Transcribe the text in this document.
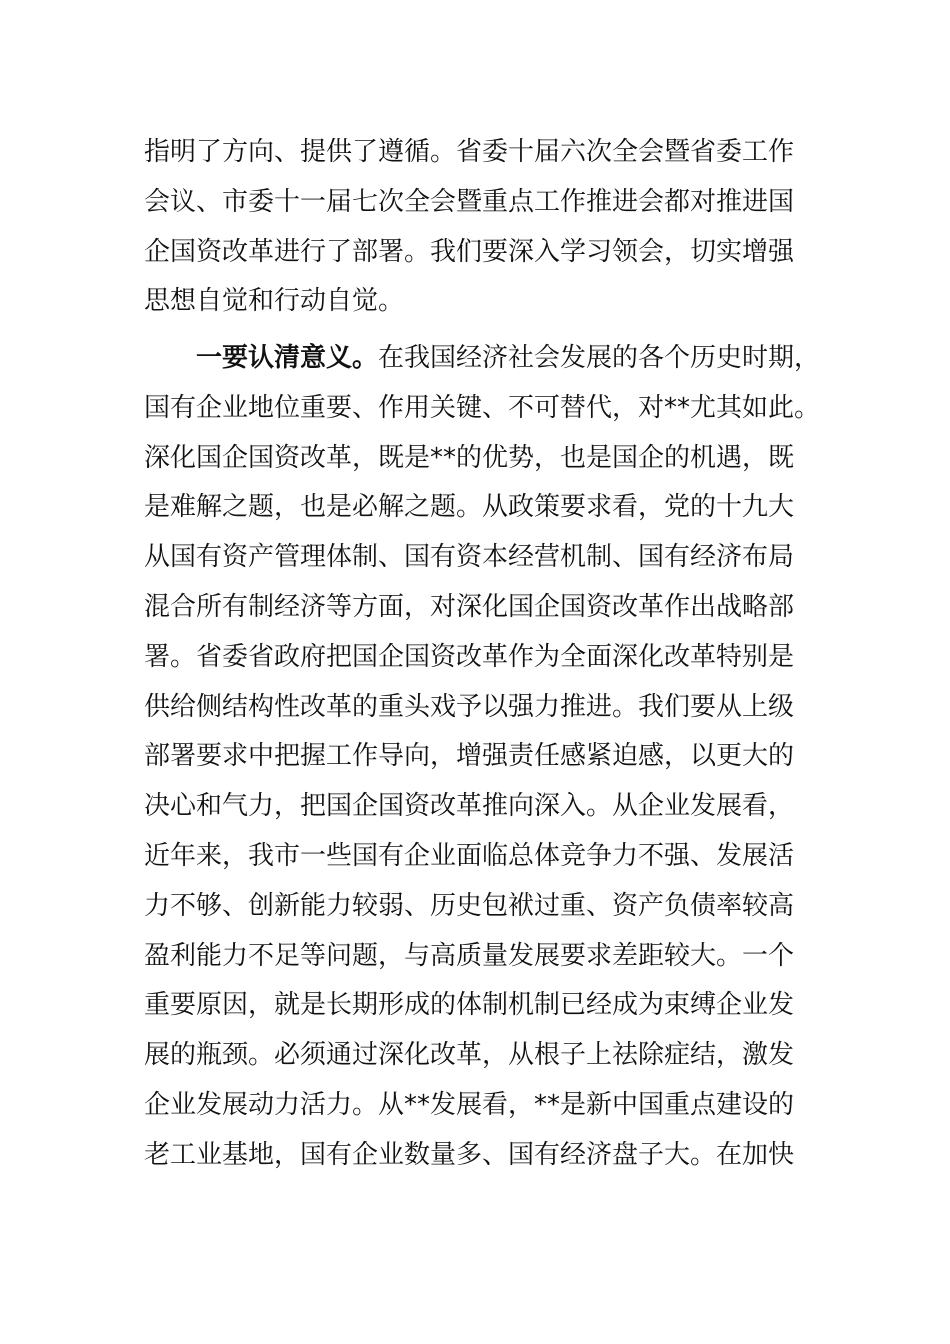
指明了方向、提供了遵循。省委十届六次全会暨省委工作
会议、市委十一届七次全会暨重点工作推进会都对推进国
企国资改革进行了部署。我们要深入学习领会，切实增强
思想自觉和行动自觉。
　　一要认清意义。在我国经济社会发展的各个历史时期，
国有企业地位重要、作用关键、不可替代，对**尤其如此。
深化国企国资改革，既是**的优势，也是国企的机遇，既
是难解之题，也是必解之题。从政策要求看，党的十九大
从国有资产管理体制、国有资本经营机制、国有经济布局
混合所有制经济等方面，对深化国企国资改革作出战略部
署。省委省政府把国企国资改革作为全面深化改革特别是
供给侧结构性改革的重头戏予以强力推进。我们要从上级
部署要求中把握工作导向，增强责任感紧迫感，以更大的
决心和气力，把国企国资改革推向深入。从企业发展看，
近年来，我市一些国有企业面临总体竞争力不强、发展活
力不够、创新能力较弱、历史包袱过重、资产负债率较高
盈利能力不足等问题，与高质量发展要求差距较大。一个
重要原因，就是长期形成的体制机制已经成为束缚企业发
展的瓶颈。必须通过深化改革，从根子上祛除症结，激发
企业发展动力活力。从**发展看，**是新中国重点建设的
老工业基地，国有企业数量多、国有经济盘子大。在加快
